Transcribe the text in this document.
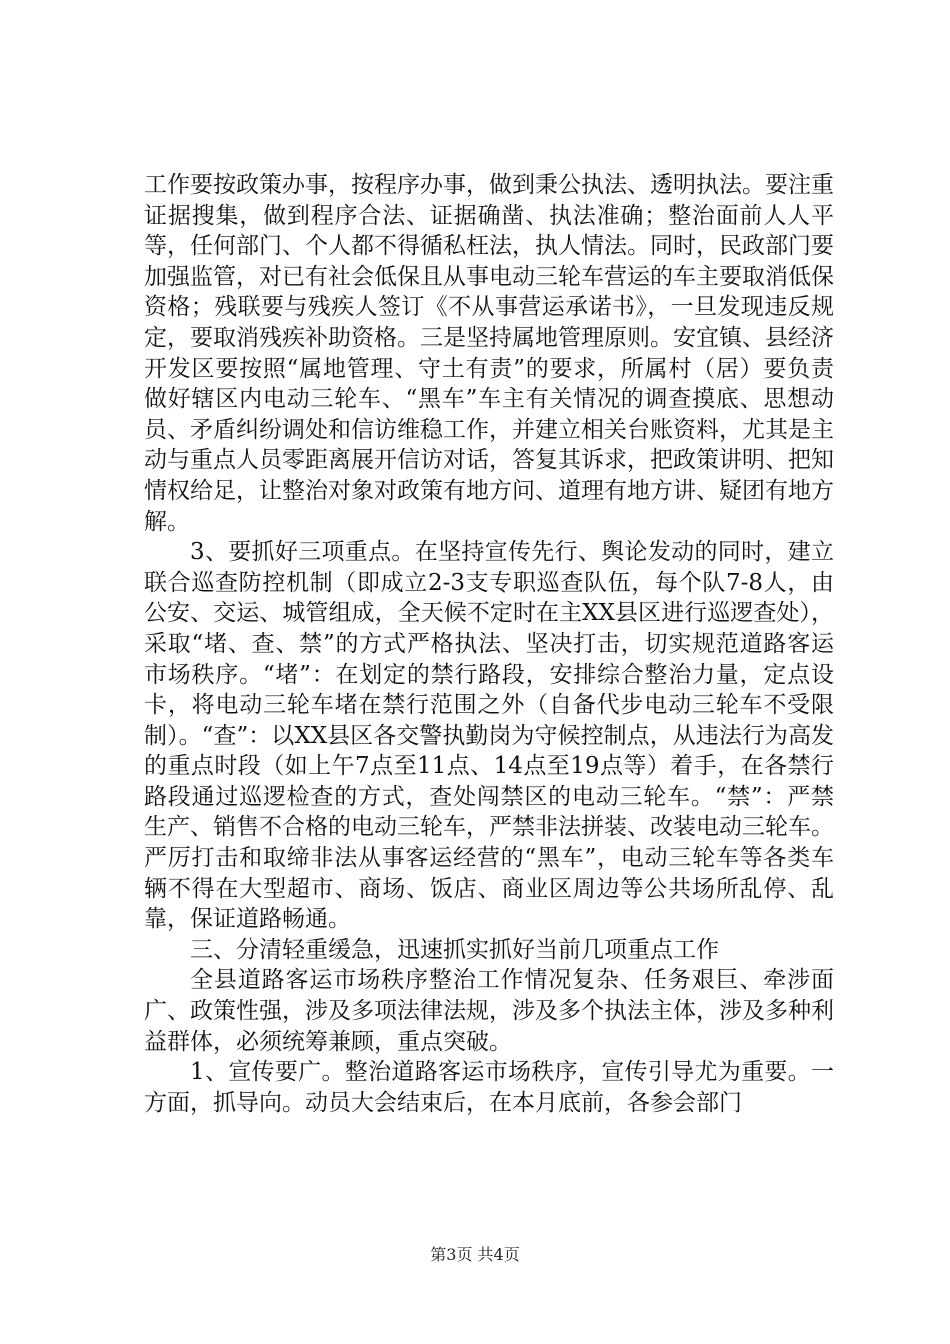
工作要按政策办事，按程序办事，做到秉公执法、透明执法。要注重证据搜集，做到程序合法、证据确凿、执法准确；整治面前人人平等，任何部门、个人都不得循私枉法，执人情法。同时，民政部门要加强监管，对已有社会低保且从事电动三轮车营运的车主要取消低保资格；残联要与残疾人签订《不从事营运承诺书》，一旦发现违反规定，要取消残疾补助资格。三是坚持属地管理原则。安宜镇、县经济开发区要按照“属地管理、守土有责”的要求，所属村（居）要负责做好辖区内电动三轮车、“黑车”车主有关情况的调查摸底、思想动员、矛盾纠纷调处和信访维稳工作，并建立相关台账资料，尤其是主动与重点人员零距离展开信访对话，答复其诉求，把政策讲明、把知情权给足，让整治对象对政策有地方问、道理有地方讲、疑团有地方解。

3、要抓好三项重点。在坚持宣传先行、舆论发动的同时，建立联合巡查防控机制（即成立2-3支专职巡查队伍，每个队7-8人，由公安、交运、城管组成，全天候不定时在主XX县区进行巡逻查处），采取“堵、查、禁”的方式严格执法、坚决打击，切实规范道路客运市场秩序。“堵”：在划定的禁行路段，安排综合整治力量，定点设卡，将电动三轮车堵在禁行范围之外（自备代步电动三轮车不受限制）。“查”：以XX县区各交警执勤岗为守候控制点，从违法行为高发的重点时段（如上午7点至11点、14点至19点等）着手，在各禁行路段通过巡逻检查的方式，查处闯禁区的电动三轮车。“禁”：严禁生产、销售不合格的电动三轮车，严禁非法拼装、改装电动三轮车。严厉打击和取缔非法从事客运经营的“黑车”，电动三轮车等各类车辆不得在大型超市、商场、饭店、商业区周边等公共场所乱停、乱靠，保证道路畅通。

三、分清轻重缓急，迅速抓实抓好当前几项重点工作

全县道路客运市场秩序整治工作情况复杂、任务艰巨、牵涉面广、政策性强，涉及多项法律法规，涉及多个执法主体，涉及多种利益群体，必须统筹兼顾，重点突破。

1、宣传要广。整治道路客运市场秩序，宣传引导尤为重要。一方面，抓导向。动员大会结束后，在本月底前，各参会部门

第3页 共4页
